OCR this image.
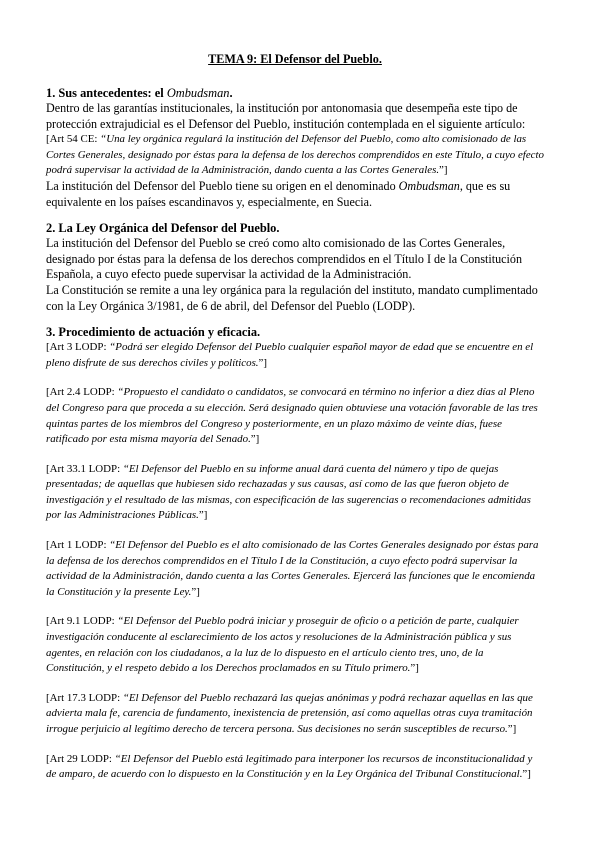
TEMA 9: El Defensor del Pueblo.
1. Sus antecedentes: el Ombudsman.

Dentro de las garantías institucionales, la institución por antonomasia que desempeña este tipo de protección extrajudicial es el Defensor del Pueblo, institución contemplada en el siguiente artículo:

[Art 54 CE: “Una ley orgánica regulará la institución del Defensor del Pueblo, como alto comisionado de las Cortes Generales, designado por éstas para la defensa de los derechos comprendidos en este Título, a cuyo efecto podrá supervisar la actividad de la Administración, dando cuenta a las Cortes Generales.”]

La institución del Defensor del Pueblo tiene su origen en el denominado Ombudsman, que es su equivalente en los países escandinavos y, especialmente, en Suecia.

2. La Ley Orgánica del Defensor del Pueblo.

La institución del Defensor del Pueblo se creó como alto comisionado de las Cortes Generales, designado por éstas para la defensa de los derechos comprendidos en el Título I de la Constitución Española, a cuyo efecto puede supervisar la actividad de la Administración.

La Constitución se remite a una ley orgánica para la regulación del instituto, mandato cumplimentado con la Ley Orgánica 3/1981, de 6 de abril, del Defensor del Pueblo (LODP).

3. Procedimiento de actuación y eficacia.

[Art 3 LODP: “Podrá ser elegido Defensor del Pueblo cualquier español mayor de edad que se encuentre en el pleno disfrute de sus derechos civiles y políticos.”]

[Art 2.4 LODP: “Propuesto el candidato o candidatos, se convocará en término no inferior a diez días al Pleno del Congreso para que proceda a su elección. Será designado quien obtuviese una votación favorable de las tres quintas partes de los miembros del Congreso y posteriormente, en un plazo máximo de veinte días, fuese ratificado por esta misma mayoría del Senado.”]

[Art 33.1 LODP: “El Defensor del Pueblo en su informe anual dará cuenta del número y tipo de quejas presentadas; de aquellas que hubiesen sido rechazadas y sus causas, así como de las que fueron objeto de investigación y el resultado de las mismas, con especificación de las sugerencias o recomendaciones admitidas por las Administraciones Públicas.”]

[Art 1 LODP: “El Defensor del Pueblo es el alto comisionado de las Cortes Generales designado por éstas para la defensa de los derechos comprendidos en el Título I de la Constitución, a cuyo efecto podrá supervisar la actividad de la Administración, dando cuenta a las Cortes Generales. Ejercerá las funciones que le encomienda la Constitución y la presente Ley.”]

[Art 9.1 LODP: “El Defensor del Pueblo podrá iniciar y proseguir de oficio o a petición de parte, cualquier investigación conducente al esclarecimiento de los actos y resoluciones de la Administración pública y sus agentes, en relación con los ciudadanos, a la luz de lo dispuesto en el artículo ciento tres, uno, de la Constitución, y el respeto debido a los Derechos proclamados en su Título primero.”]

[Art 17.3 LODP: “El Defensor del Pueblo rechazará las quejas anónimas y podrá rechazar aquellas en las que advierta mala fe, carencia de fundamento, inexistencia de pretensión, así como aquellas otras cuya tramitación irrogue perjuicio al legítimo derecho de tercera persona. Sus decisiones no serán susceptibles de recurso.”]

[Art 29 LODP: “El Defensor del Pueblo está legitimado para interponer los recursos de inconstitucionalidad y de amparo, de acuerdo con lo dispuesto en la Constitución y en la Ley Orgánica del Tribunal Constitucional.”]
